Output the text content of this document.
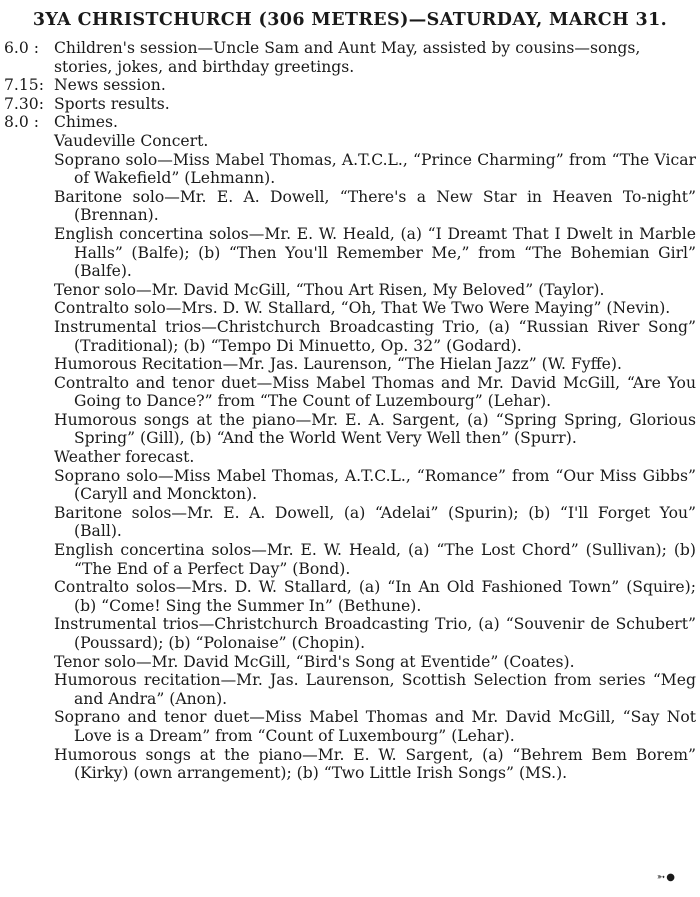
3YA CHRISTCHURCH (306 METRES)—SATURDAY, MARCH 31.
6.0 : Children's session—Uncle Sam and Aunt May, assisted by cousins—songs, stories, jokes, and birthday greetings.
7.15: News session.
7.30: Sports results.
8.0 : Chimes.
Vaudeville Concert.
Soprano solo—Miss Mabel Thomas, A.T.C.L., “Prince Charming” from “The Vicar of Wakefield” (Lehmann).
Baritone solo—Mr. E. A. Dowell, “There's a New Star in Heaven To-night” (Brennan).
English concertina solos—Mr. E. W. Heald, (a) “I Dreamt That I Dwelt in Marble Halls” (Balfe); (b) “Then You'll Remember Me,” from “The Bohemian Girl” (Balfe).
Tenor solo—Mr. David McGill, “Thou Art Risen, My Beloved” (Taylor).
Contralto solo—Mrs. D. W. Stallard, “Oh, That We Two Were Maying” (Nevin).
Instrumental trios—Christchurch Broadcasting Trio, (a) “Russian River Song” (Traditional); (b) “Tempo Di Minuetto, Op. 32” (Godard).
Humorous Recitation—Mr. Jas. Laurenson, “The Hielan Jazz” (W. Fyffe).
Contralto and tenor duet—Miss Mabel Thomas and Mr. David McGill, “Are You Going to Dance?” from “The Count of Luzembourg” (Lehar).
Humorous songs at the piano—Mr. E. A. Sargent, (a) “Spring Spring, Glorious Spring” (Gill), (b) “And the World Went Very Well then” (Spurr).
Weather forecast.
Soprano solo—Miss Mabel Thomas, A.T.C.L., “Romance” from “Our Miss Gibbs” (Caryll and Monckton).
Baritone solos—Mr. E. A. Dowell, (a) “Adelai” (Spurin); (b) “I'll Forget You” (Ball).
English concertina solos—Mr. E. W. Heald, (a) “The Lost Chord” (Sullivan); (b) “The End of a Perfect Day” (Bond).
Contralto solos—Mrs. D. W. Stallard, (a) “In An Old Fashioned Town” (Squire); (b) “Come! Sing the Summer In” (Bethune).
Instrumental trios—Christchurch Broadcasting Trio, (a) “Souvenir de Schubert” (Poussard); (b) “Polonaise” (Chopin).
Tenor solo—Mr. David McGill, “Bird's Song at Eventide” (Coates).
Humorous recitation—Mr. Jas. Laurenson, Scottish Selection from series “Meg and Andra” (Anon).
Soprano and tenor duet—Miss Mabel Thomas and Mr. David McGill, “Say Not Love is a Dream” from “Count of Luxembourg” (Lehar).
Humorous songs at the piano—Mr. E. W. Sargent, (a) “Behrem Bem Borem” (Kirky) (own arrangement); (b) “Two Little Irish Songs” (MS.).
➳●
